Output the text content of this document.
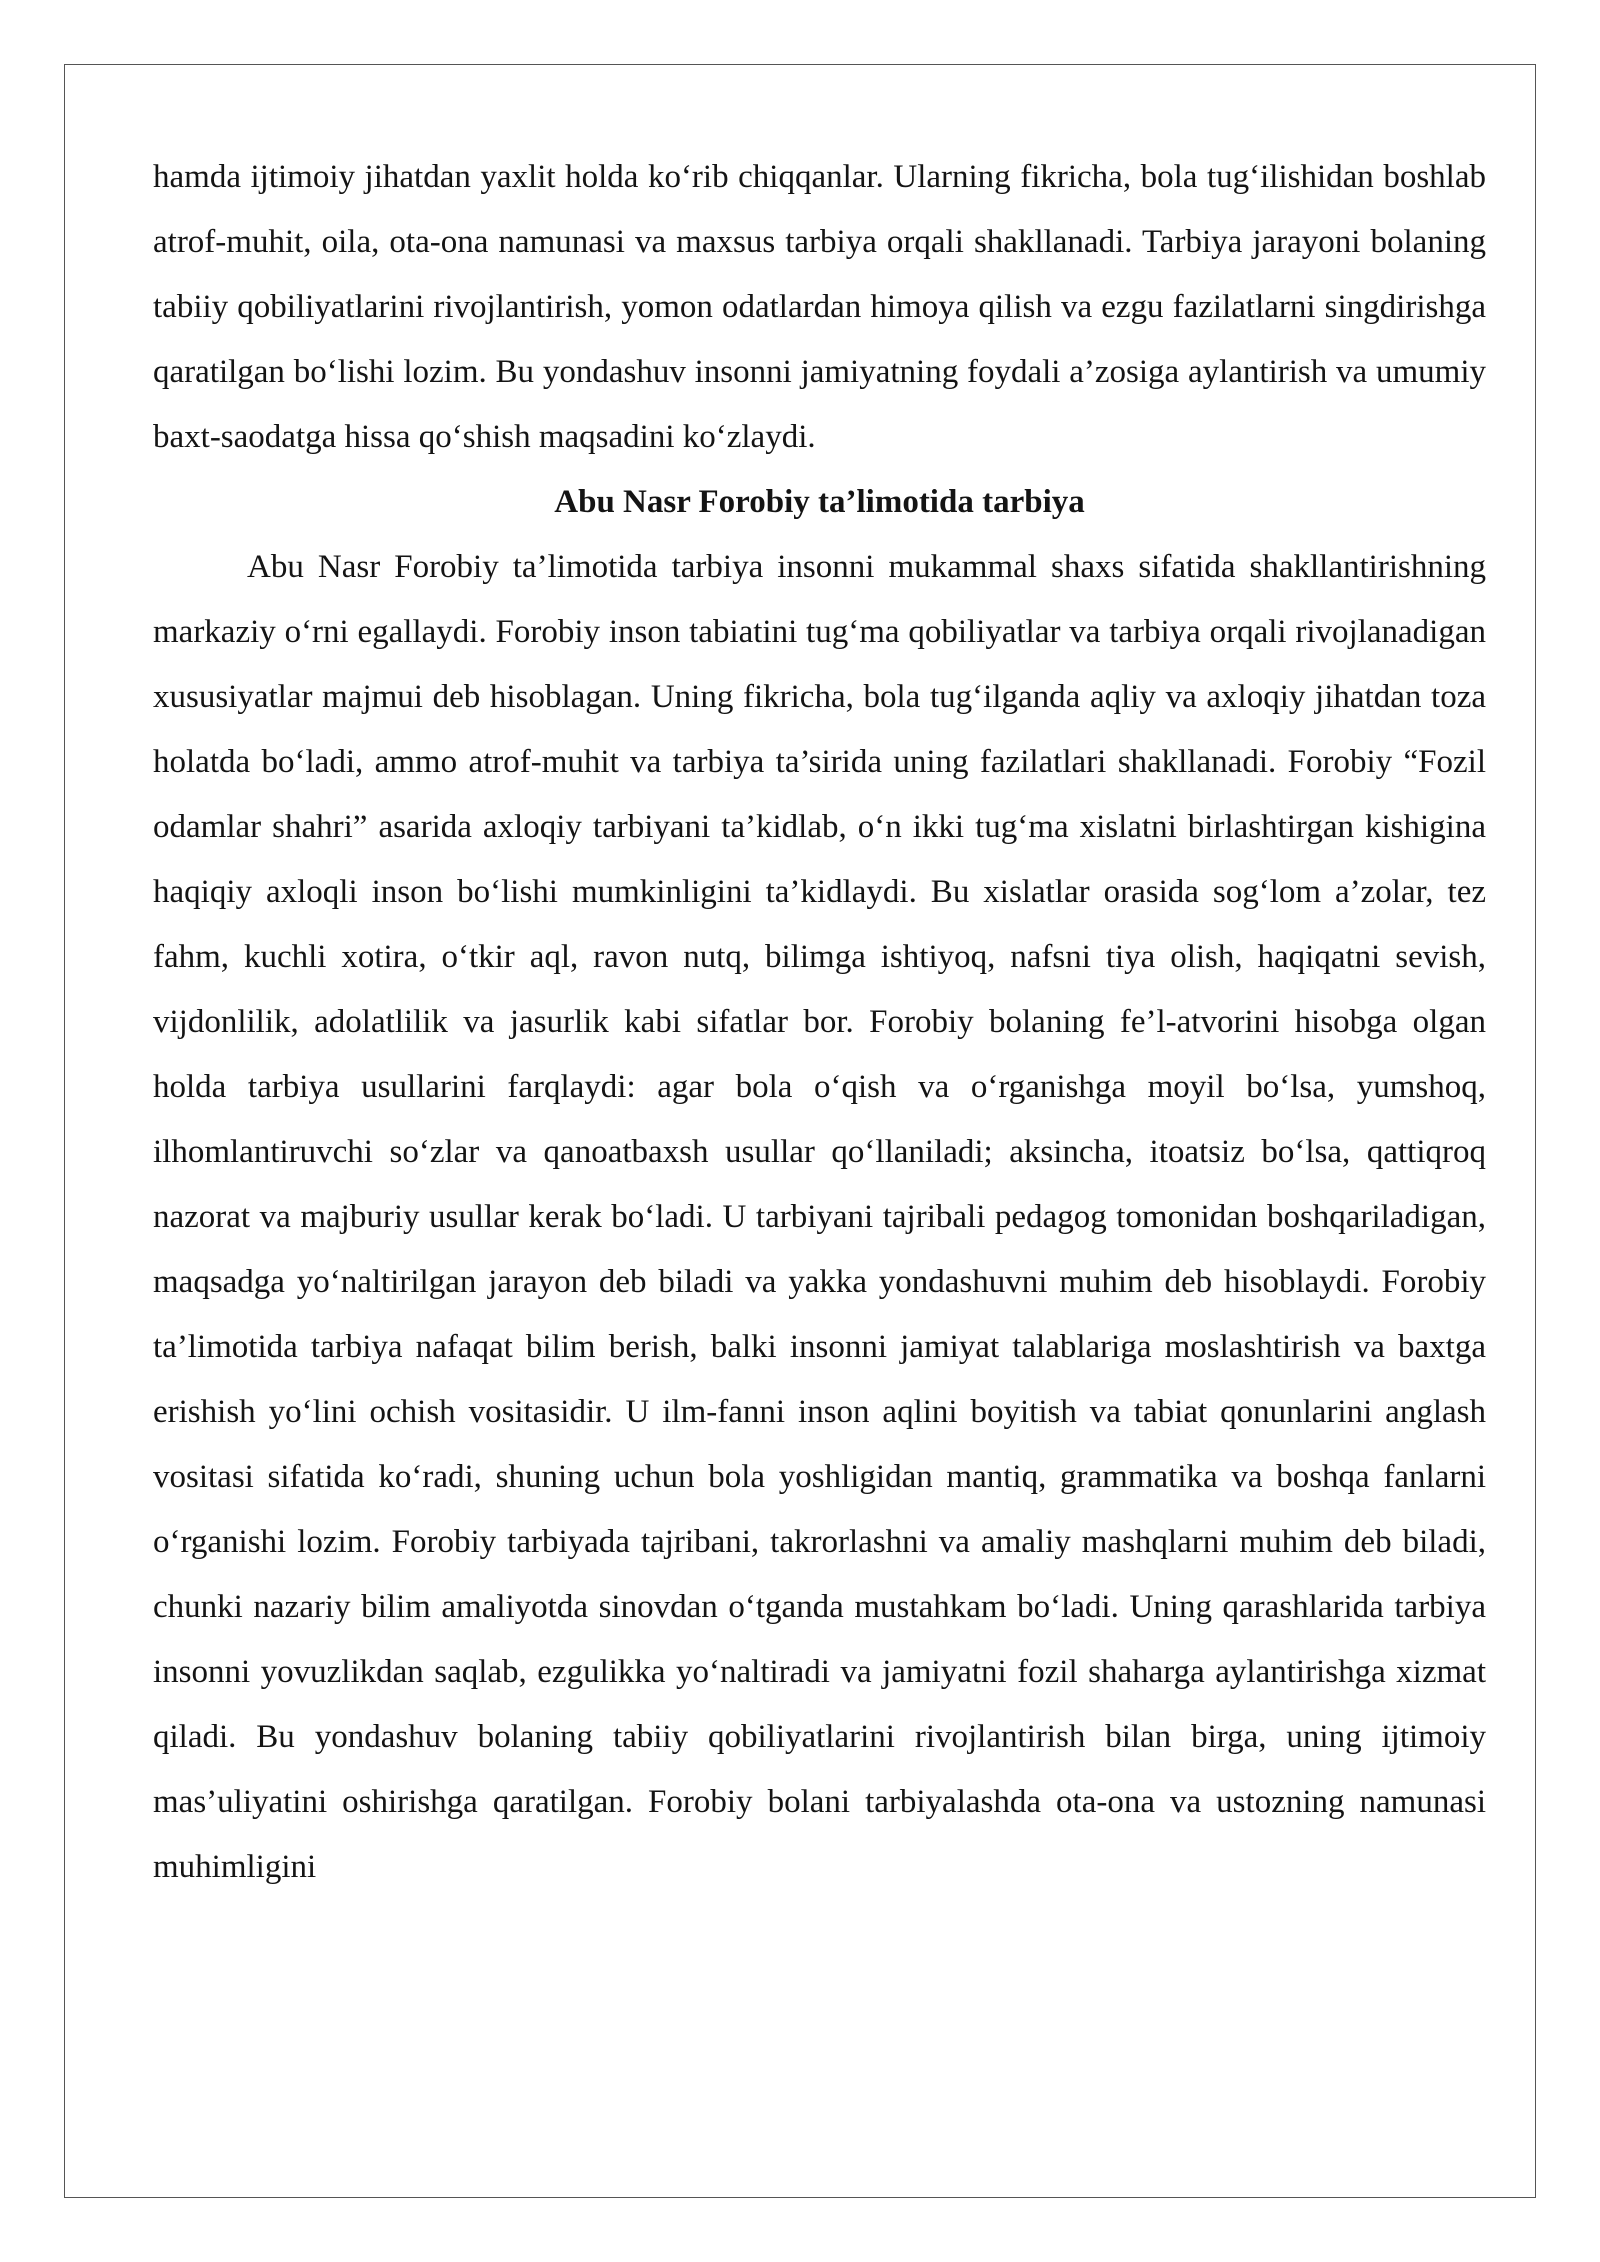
hamda ijtimoiy jihatdan yaxlit holda ko‘rib chiqqanlar. Ularning fikricha, bola tug‘ilishidan boshlab atrof-muhit, oila, ota-ona namunasi va maxsus tarbiya orqali shakllanadi. Tarbiya jarayoni bolaning tabiiy qobiliyatlarini rivojlantirish, yomon odatlardan himoya qilish va ezgu fazilatlarni singdirishga qaratilgan bo‘lishi lozim. Bu yondashuv insonni jamiyatning foydali a’zosiga aylantirish va umumiy baxt-saodatga hissa qo‘shish maqsadini ko‘zlaydi.

Abu Nasr Forobiy ta’limotida tarbiya

Abu Nasr Forobiy ta’limotida tarbiya insonni mukammal shaxs sifatida shakllantirishning markaziy o‘rni egallaydi. Forobiy inson tabiatini tug‘ma qobiliyatlar va tarbiya orqali rivojlanadigan xususiyatlar majmui deb hisoblagan. Uning fikricha, bola tug‘ilganda aqliy va axloqiy jihatdan toza holatda bo‘ladi, ammo atrof-muhit va tarbiya ta’sirida uning fazilatlari shakllanadi. Forobiy “Fozil odamlar shahri” asarida axloqiy tarbiyani ta’kidlab, o‘n ikki tug‘ma xislatni birlashtirgan kishigina haqiqiy axloqli inson bo‘lishi mumkinligini ta’kidlaydi. Bu xislatlar orasida sog‘lom a’zolar, tez fahm, kuchli xotira, o‘tkir aql, ravon nutq, bilimga ishtiyoq, nafsni tiya olish, haqiqatni sevish, vijdonlilik, adolatlilik va jasurlik kabi sifatlar bor. Forobiy bolaning fe’l-atvorini hisobga olgan holda tarbiya usullarini farqlaydi: agar bola o‘qish va o‘rganishga moyil bo‘lsa, yumshoq, ilhomlantiruvchi so‘zlar va qanoatbaxsh usullar qo‘llaniladi; aksincha, itoatsiz bo‘lsa, qattiqroq nazorat va majburiy usullar kerak bo‘ladi. U tarbiyani tajribali pedagog tomonidan boshqariladigan, maqsadga yo‘naltirilgan jarayon deb biladi va yakka yondashuvni muhim deb hisoblaydi. Forobiy ta’limotida tarbiya nafaqat bilim berish, balki insonni jamiyat talablariga moslashtirish va baxtga erishish yo‘lini ochish vositasidir. U ilm-fanni inson aqlini boyitish va tabiat qonunlarini anglash vositasi sifatida ko‘radi, shuning uchun bola yoshligidan mantiq, grammatika va boshqa fanlarni o‘rganishi lozim. Forobiy tarbiyada tajribani, takrorlashni va amaliy mashqlarni muhim deb biladi, chunki nazariy bilim amaliyotda sinovdan o‘tganda mustahkam bo‘ladi. Uning qarashlarida tarbiya insonni yovuzlikdan saqlab, ezgulikka yo‘naltiradi va jamiyatni fozil shaharga aylantirishga xizmat qiladi. Bu yondashuv bolaning tabiiy qobiliyatlarini rivojlantirish bilan birga, uning ijtimoiy mas’uliyatini oshirishga qaratilgan. Forobiy bolani tarbiyalashda ota-ona va ustozning namunasi muhimligini
